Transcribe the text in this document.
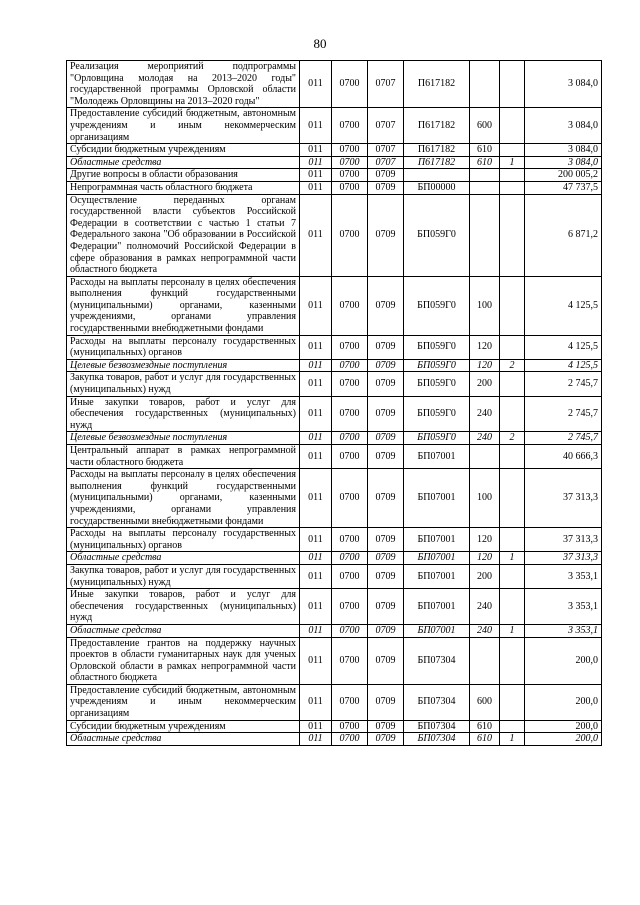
80
Реализация мероприятий подпрограммы "Орловщина молодая на 2013–2020 годы" государственной программы Орловской области "Молодежь Орловщины на 2013–2020 годы"	011	0700	0707	П617182			3 084,0
Предоставление субсидий бюджетным, автономным учреждениям и иным некоммерческим организациям	011	0700	0707	П617182	600		3 084,0
Субсидии бюджетным учреждениям	011	0700	0707	П617182	610		3 084,0
Областные средства	011	0700	0707	П617182	610	1	3 084,0
Другие вопросы в области образования	011	0700	0709				200 005,2
Непрограммная часть областного бюджета	011	0700	0709	БП00000			47 737,5
Осуществление переданных органам государственной власти субъектов Российской Федерации в соответствии с частью 1 статьи 7 Федерального закона "Об образовании в Российской Федерации" полномочий Российской Федерации в сфере образования в рамках непрограммной части областного бюджета	011	0700	0709	БП059Г0			6 871,2
Расходы на выплаты персоналу в целях обеспечения выполнения функций государственными (муниципальными) органами, казенными учреждениями, органами управления государственными внебюджетными фондами	011	0700	0709	БП059Г0	100		4 125,5
Расходы на выплаты персоналу государственных (муниципальных) органов	011	0700	0709	БП059Г0	120		4 125,5
Целевые безвозмездные поступления	011	0700	0709	БП059Г0	120	2	4 125,5
Закупка товаров, работ и услуг для государственных (муниципальных) нужд	011	0700	0709	БП059Г0	200		2 745,7
Иные закупки товаров, работ и услуг для обеспечения государственных (муниципальных) нужд	011	0700	0709	БП059Г0	240		2 745,7
Целевые безвозмездные поступления	011	0700	0709	БП059Г0	240	2	2 745,7
Центральный аппарат в рамках непрограммной части областного бюджета	011	0700	0709	БП07001			40 666,3
Расходы на выплаты персоналу в целях обеспечения выполнения функций государственными (муниципальными) органами, казенными учреждениями, органами управления государственными внебюджетными фондами	011	0700	0709	БП07001	100		37 313,3
Расходы на выплаты персоналу государственных (муниципальных) органов	011	0700	0709	БП07001	120		37 313,3
Областные средства	011	0700	0709	БП07001	120	1	37 313,3
Закупка товаров, работ и услуг для государственных (муниципальных) нужд	011	0700	0709	БП07001	200		3 353,1
Иные закупки товаров, работ и услуг для обеспечения государственных (муниципальных) нужд	011	0700	0709	БП07001	240		3 353,1
Областные средства	011	0700	0709	БП07001	240	1	3 353,1
Предоставление грантов на поддержку научных проектов в области гуманитарных наук для ученых Орловской области в рамках непрограммной части областного бюджета	011	0700	0709	БП07304			200,0
Предоставление субсидий бюджетным, автономным учреждениям и иным некоммерческим организациям	011	0700	0709	БП07304	600		200,0
Субсидии бюджетным учреждениям	011	0700	0709	БП07304	610		200,0
Областные средства	011	0700	0709	БП07304	610	1	200,0
